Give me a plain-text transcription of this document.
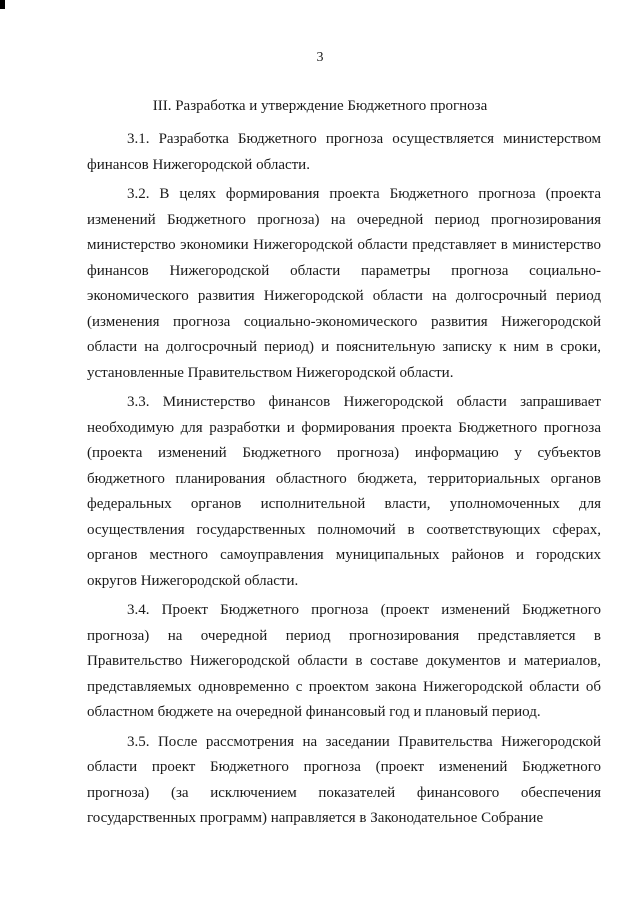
3
III. Разработка и утверждение Бюджетного прогноза

3.1. Разработка Бюджетного прогноза осуществляется министерством финансов Нижегородской области.

3.2. В целях формирования проекта Бюджетного прогноза (проекта изменений Бюджетного прогноза) на очередной период прогнозирования министерство экономики Нижегородской области представляет в министерство финансов Нижегородской области параметры прогноза социально-экономического развития Нижегородской области на долгосрочный период (изменения прогноза социально-экономического развития Нижегородской области на долгосрочный период) и пояснительную записку к ним в сроки, установленные Правительством Нижегородской области.

3.3. Министерство финансов Нижегородской области запрашивает необходимую для разработки и формирования проекта Бюджетного прогноза (проекта изменений Бюджетного прогноза) информацию у субъектов бюджетного планирования областного бюджета, территориальных органов федеральных органов исполнительной власти, уполномоченных для осуществления государственных полномочий в соответствующих сферах, органов местного самоуправления муниципальных районов и городских округов Нижегородской области.

3.4. Проект Бюджетного прогноза (проект изменений Бюджетного прогноза) на очередной период прогнозирования представляется в Правительство Нижегородской области в составе документов и материалов, представляемых одновременно с проектом закона Нижегородской области об областном бюджете на очередной финансовый год и плановый период.

3.5. После рассмотрения на заседании Правительства Нижегородской области проект Бюджетного прогноза (проект изменений Бюджетного прогноза) (за исключением показателей финансового обеспечения государственных программ) направляется в Законодательное Собрание
